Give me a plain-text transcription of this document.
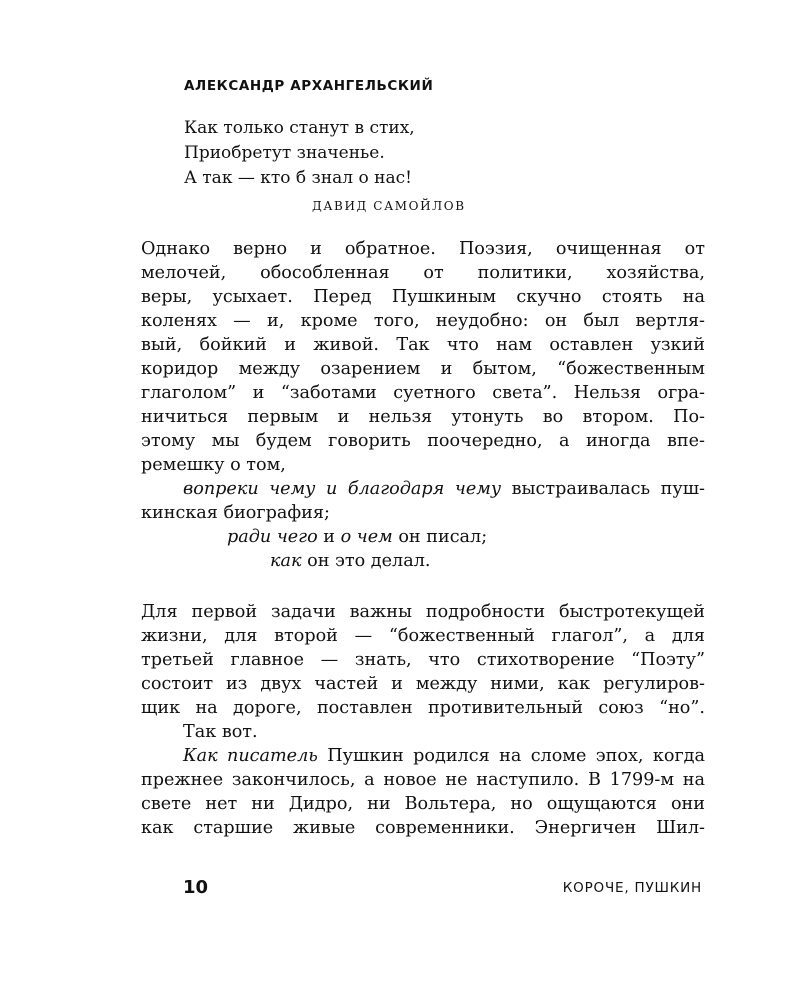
АЛЕКСАНДР АРХАНГЕЛЬСКИЙ
Как только станут в стих,
Приобретут значенье.
А так — кто б знал о нас!
ДАВИД САМОЙЛОВ
Однако верно и обратное. Поэзия, очищенная от
мелочей, обособленная от политики, хозяйства,
веры, усыхает. Перед Пушкиным скучно стоять на
коленях — и, кроме того, неудобно: он был вертля-
вый, бойкий и живой. Так что нам оставлен узкий
коридор между озарением и бытом, “божественным
глаголом” и “заботами суетного света”. Нельзя огра-
ничиться первым и нельзя утонуть во втором. По-
этому мы будем говорить поочередно, а иногда впе-
ремешку о том,
вопреки чему и благодаря чему выстраивалась пуш-
кинская биография;
ради чего и о чем он писал;
как он это делал.
Для первой задачи важны подробности быстротекущей
жизни, для второй — “божественный глагол”, а для
третьей главное — знать, что стихотворение “Поэту”
состоит из двух частей и между ними, как регулиров-
щик на дороге, поставлен противительный союз “но”.
Так вот.
Как писатель Пушкин родился на сломе эпох, когда
прежнее закончилось, а новое не наступило. В 1799-м на
свете нет ни Дидро, ни Вольтера, но ощущаются они
как старшие живые современники. Энергичен Шил-
10	КОРОЧЕ, ПУШКИН
